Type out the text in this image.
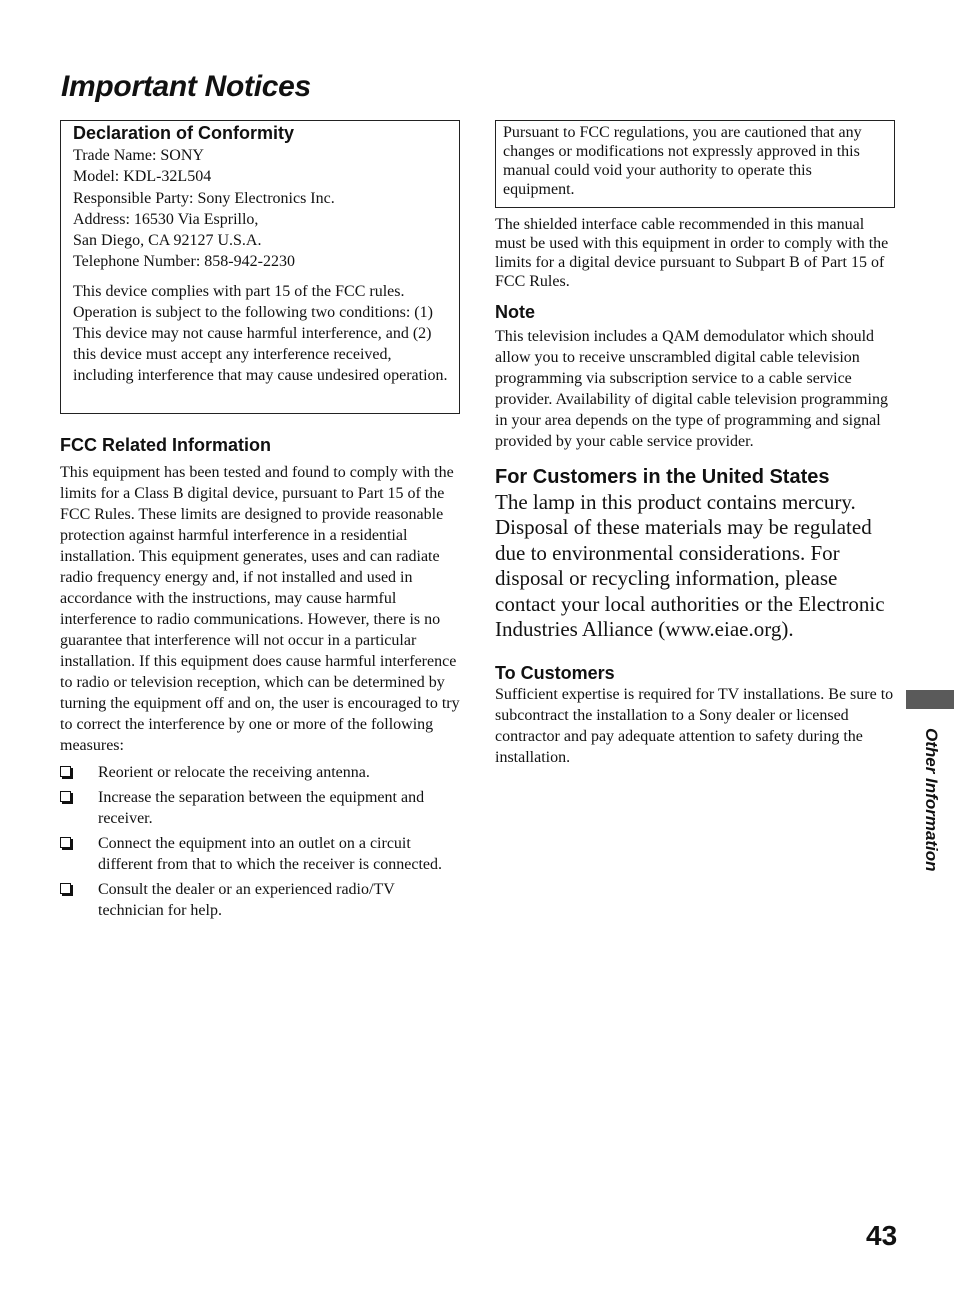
Important Notices
Declaration of Conformity
Trade Name: SONY
Model: KDL-32L504
Responsible Party: Sony Electronics Inc.
Address: 16530 Via Esprillo,
San Diego, CA 92127 U.S.A.
Telephone Number: 858-942-2230

This device complies with part 15 of the FCC rules. Operation is subject to the following two conditions: (1) This device may not cause harmful interference, and (2) this device must accept any interference received, including interference that may cause undesired operation.

FCC Related Information

This equipment has been tested and found to comply with the limits for a Class B digital device, pursuant to Part 15 of the FCC Rules. These limits are designed to provide reasonable protection against harmful interference in a residential installation. This equipment generates, uses and can radiate radio frequency energy and, if not installed and used in accordance with the instructions, may cause harmful interference to radio communications. However, there is no guarantee that interference will not occur in a particular installation. If this equipment does cause harmful interference to radio or television reception, which can be determined by turning the equipment off and on, the user is encouraged to try to correct the interference by one or more of the following measures:

Reorient or relocate the receiving antenna.
Increase the separation between the equipment and receiver.
Connect the equipment into an outlet on a circuit different from that to which the receiver is connected.
Consult the dealer or an experienced radio/TV technician for help.

Pursuant to FCC regulations, you are cautioned that any changes or modifications not expressly approved in this manual could void your authority to operate this equipment.

The shielded interface cable recommended in this manual must be used with this equipment in order to comply with the limits for a digital device pursuant to Subpart B of Part 15 of FCC Rules.

Note

This television includes a QAM demodulator which should allow you to receive unscrambled digital cable television programming via subscription service to a cable service provider. Availability of digital cable television programming in your area depends on the type of programming and signal provided by your cable service provider.

For Customers in the United States

The lamp in this product contains mercury. Disposal of these materials may be regulated due to environmental considerations. For disposal or recycling information, please contact your local authorities or the Electronic Industries Alliance (www.eiae.org).

To Customers

Sufficient expertise is required for TV installations. Be sure to subcontract the installation to a Sony dealer or licensed contractor and pay adequate attention to safety during the installation.	Other Information
43
